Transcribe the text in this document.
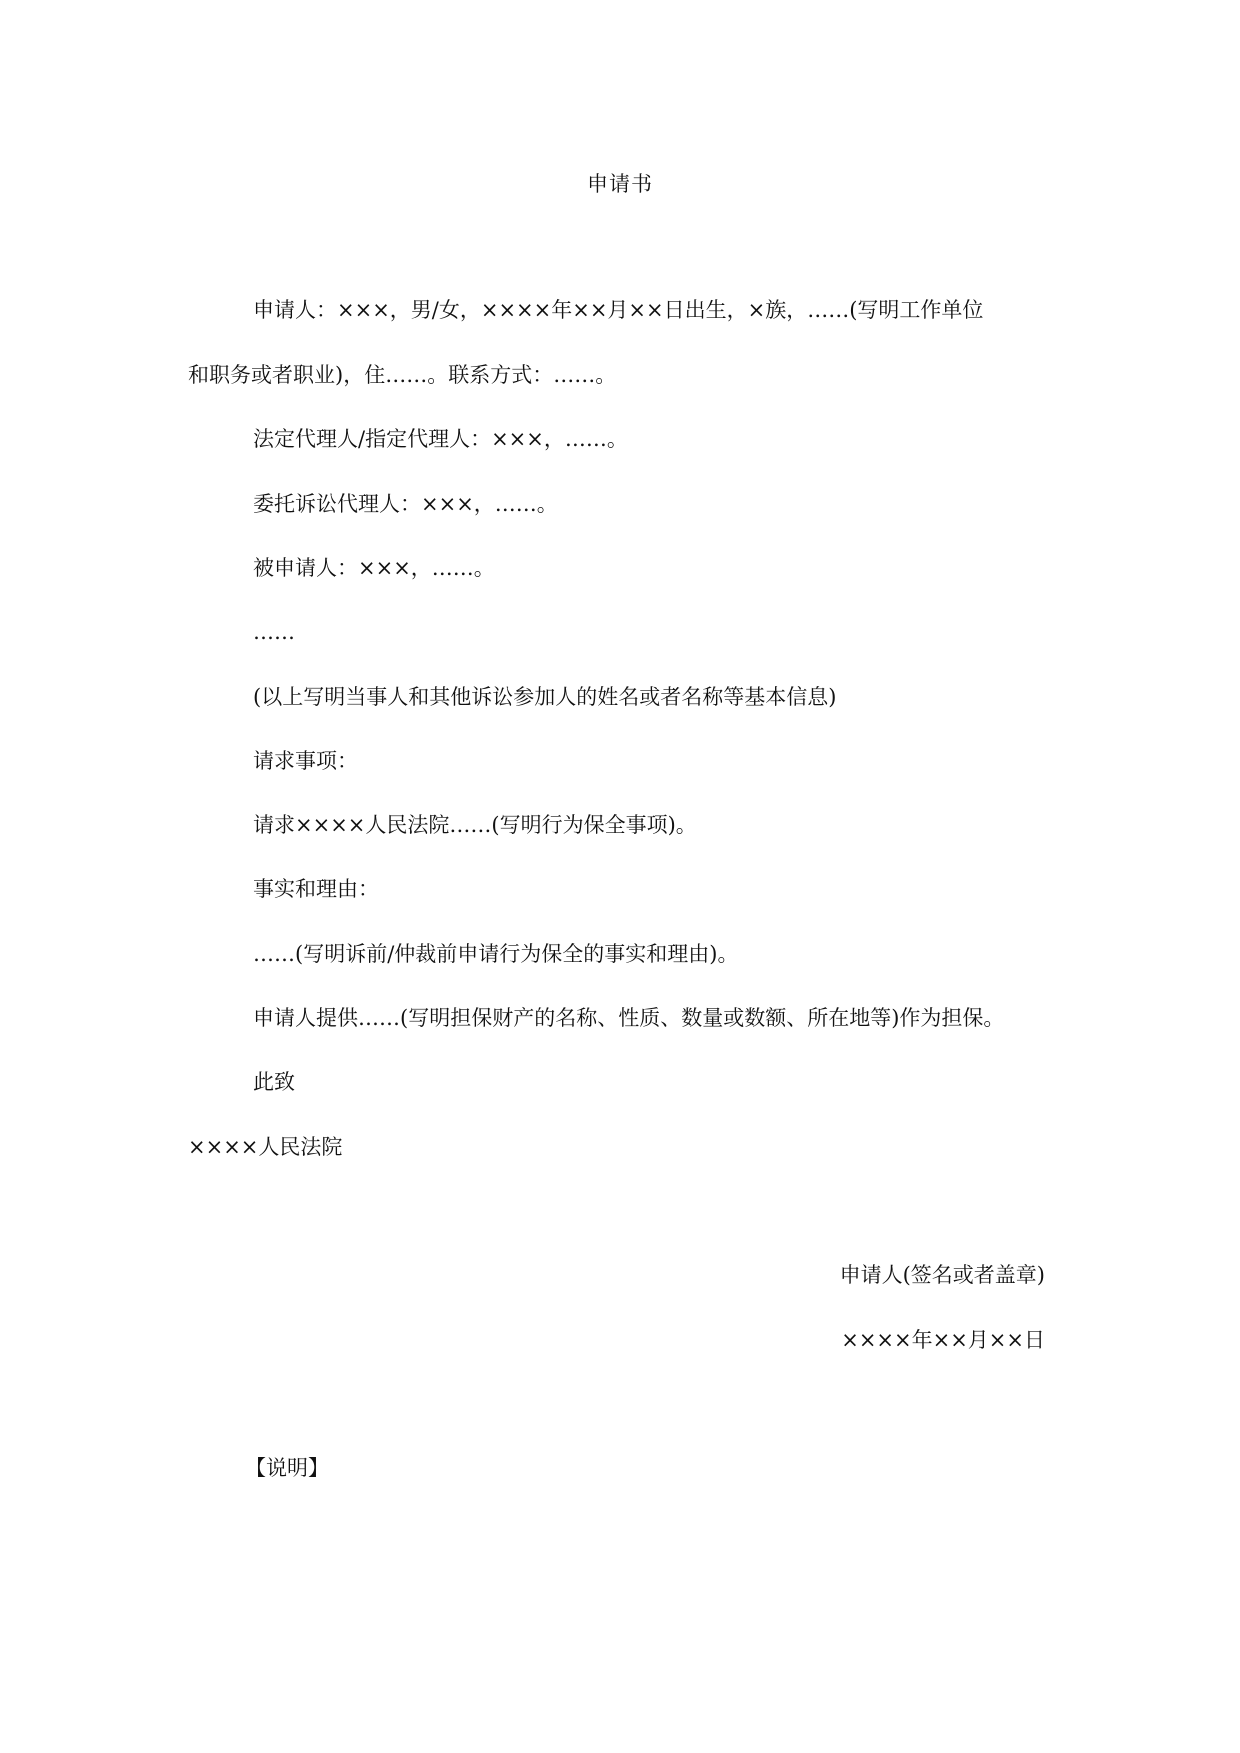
申请书
申请人：×××，男/女，××××年××月××日出生，×族，……(写明工作单位
和职务或者职业)，住……。联系方式：……。
法定代理人/指定代理人：×××，……。
委托诉讼代理人：×××，……。
被申请人：×××，……。
……
(以上写明当事人和其他诉讼参加人的姓名或者名称等基本信息)
请求事项：
请求××××人民法院……(写明行为保全事项)。
事实和理由：
……(写明诉前/仲裁前申请行为保全的事实和理由)。
申请人提供……(写明担保财产的名称、性质、数量或数额、所在地等)作为担保。
此致
××××人民法院
申请人(签名或者盖章)
××××年××月××日
【说明】
